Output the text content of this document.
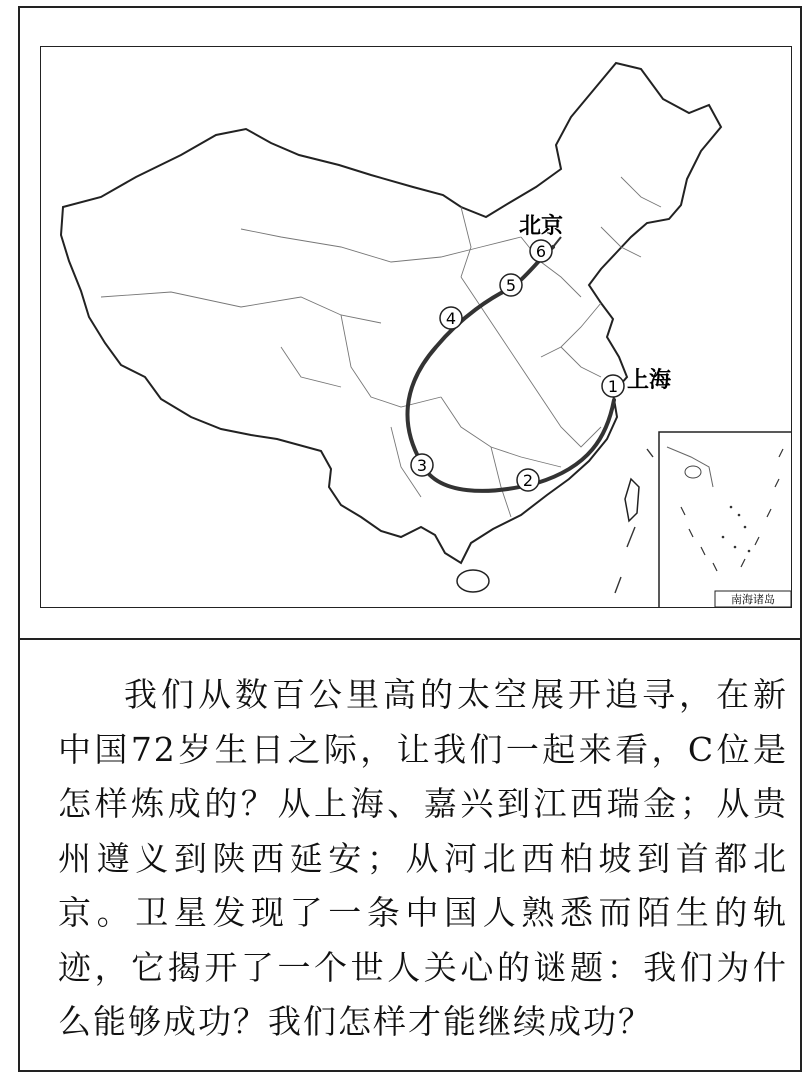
1
2
3
4
5
6
北京
上海
南海诸岛
我们从数百公里高的太空展开追寻，在新中国72岁生日之际，让我们一起来看，C位是怎样炼成的？从上海、嘉兴到江西瑞金；从贵州遵义到陕西延安；从河北西柏坡到首都北京。卫星发现了一条中国人熟悉而陌生的轨迹，它揭开了一个世人关心的谜题：我们为什么能够成功？我们怎样才能继续成功？
